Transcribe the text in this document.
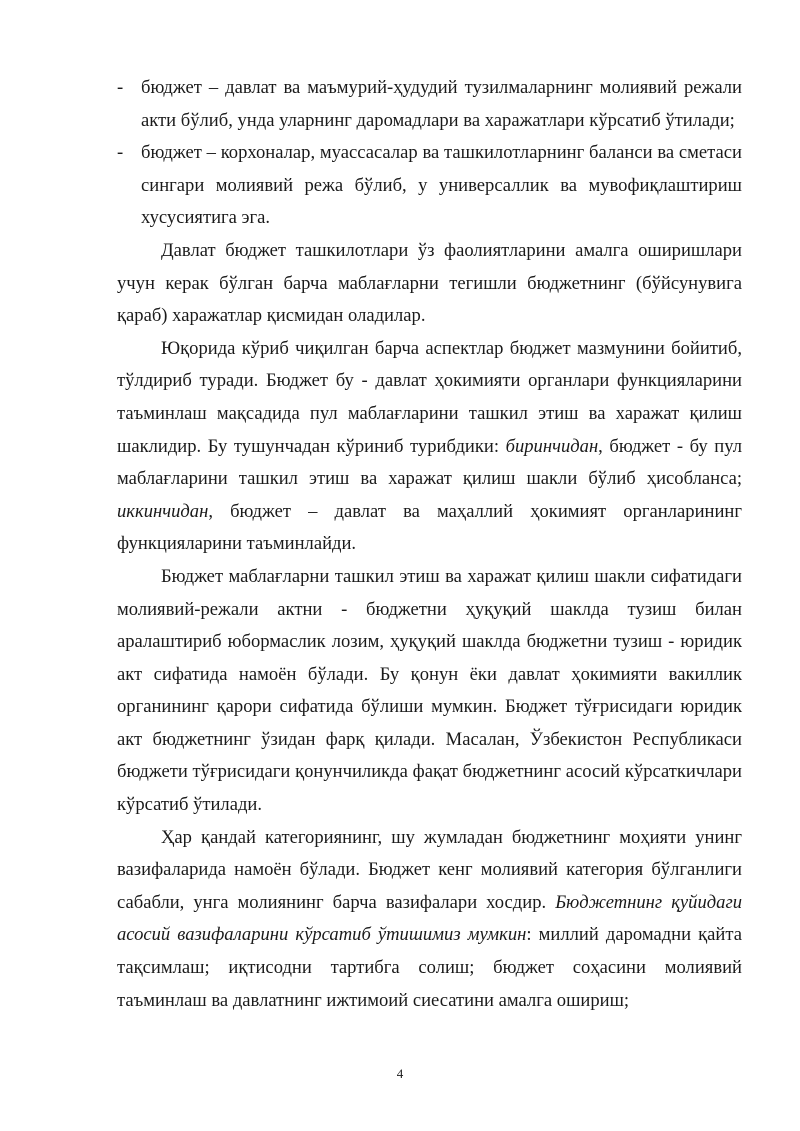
- бюджет – давлат ва маъмурий-ҳудудий тузилмаларнинг молиявий режали акти бўлиб, унда уларнинг даромадлари ва харажатлари кўрсатиб ўтилади;

- бюджет – корхоналар, муассасалар ва ташкилотларнинг баланси ва сметаси сингари молиявий режа бўлиб, у универсаллик ва мувофиқлаштириш хусусиятига эга.

Давлат бюджет ташкилотлари ўз фаолиятларини амалга оширишлари учун керак бўлган барча маблағларни тегишли бюджетнинг (бўйсунувига қараб) харажатлар қисмидан оладилар.

Юқорида кўриб чиқилган барча аспектлар бюджет мазмунини бойитиб, тўлдириб туради. Бюджет бу - давлат ҳокимияти органлари функцияларини таъминлаш мақсадида пул маблағларини ташкил этиш ва харажат қилиш шаклидир. Бу тушунчадан кўриниб турибдики: биринчидан, бюджет - бу пул маблағларини ташкил этиш ва харажат қилиш шакли бўлиб ҳисобланса; иккинчидан, бюджет – давлат ва маҳаллий ҳокимият органларининг функцияларини таъминлайди.

Бюджет маблағларни ташкил этиш ва харажат қилиш шакли сифатидаги молиявий-режали актни - бюджетни ҳуқуқий шаклда тузиш билан аралаштириб юбормаслик лозим, ҳуқуқий шаклда бюджетни тузиш - юридик акт сифатида намоён бўлади. Бу қонун ёки давлат ҳокимияти вакиллик органининг қарори сифатида бўлиши мумкин. Бюджет тўғрисидаги юридик акт бюджетнинг ўзидан фарқ қилади. Масалан, Ўзбекистон Республикаси бюджети тўғрисидаги қонунчиликда фақат бюджетнинг асосий кўрсаткичлари кўрсатиб ўтилади.

Ҳар қандай категориянинг, шу жумладан бюджетнинг моҳияти унинг вазифаларида намоён бўлади. Бюджет кенг молиявий категория бўлганлиги сабабли, унга молиянинг барча вазифалари хосдир. Бюджетнинг қуйидаги асосий вазифаларини кўрсатиб ўтишимиз мумкин: миллий даромадни қайта тақсимлаш; иқтисодни тартибга солиш; бюджет соҳасини молиявий таъминлаш ва давлатнинг ижтимоий сиесатини амалга ошириш;

4
